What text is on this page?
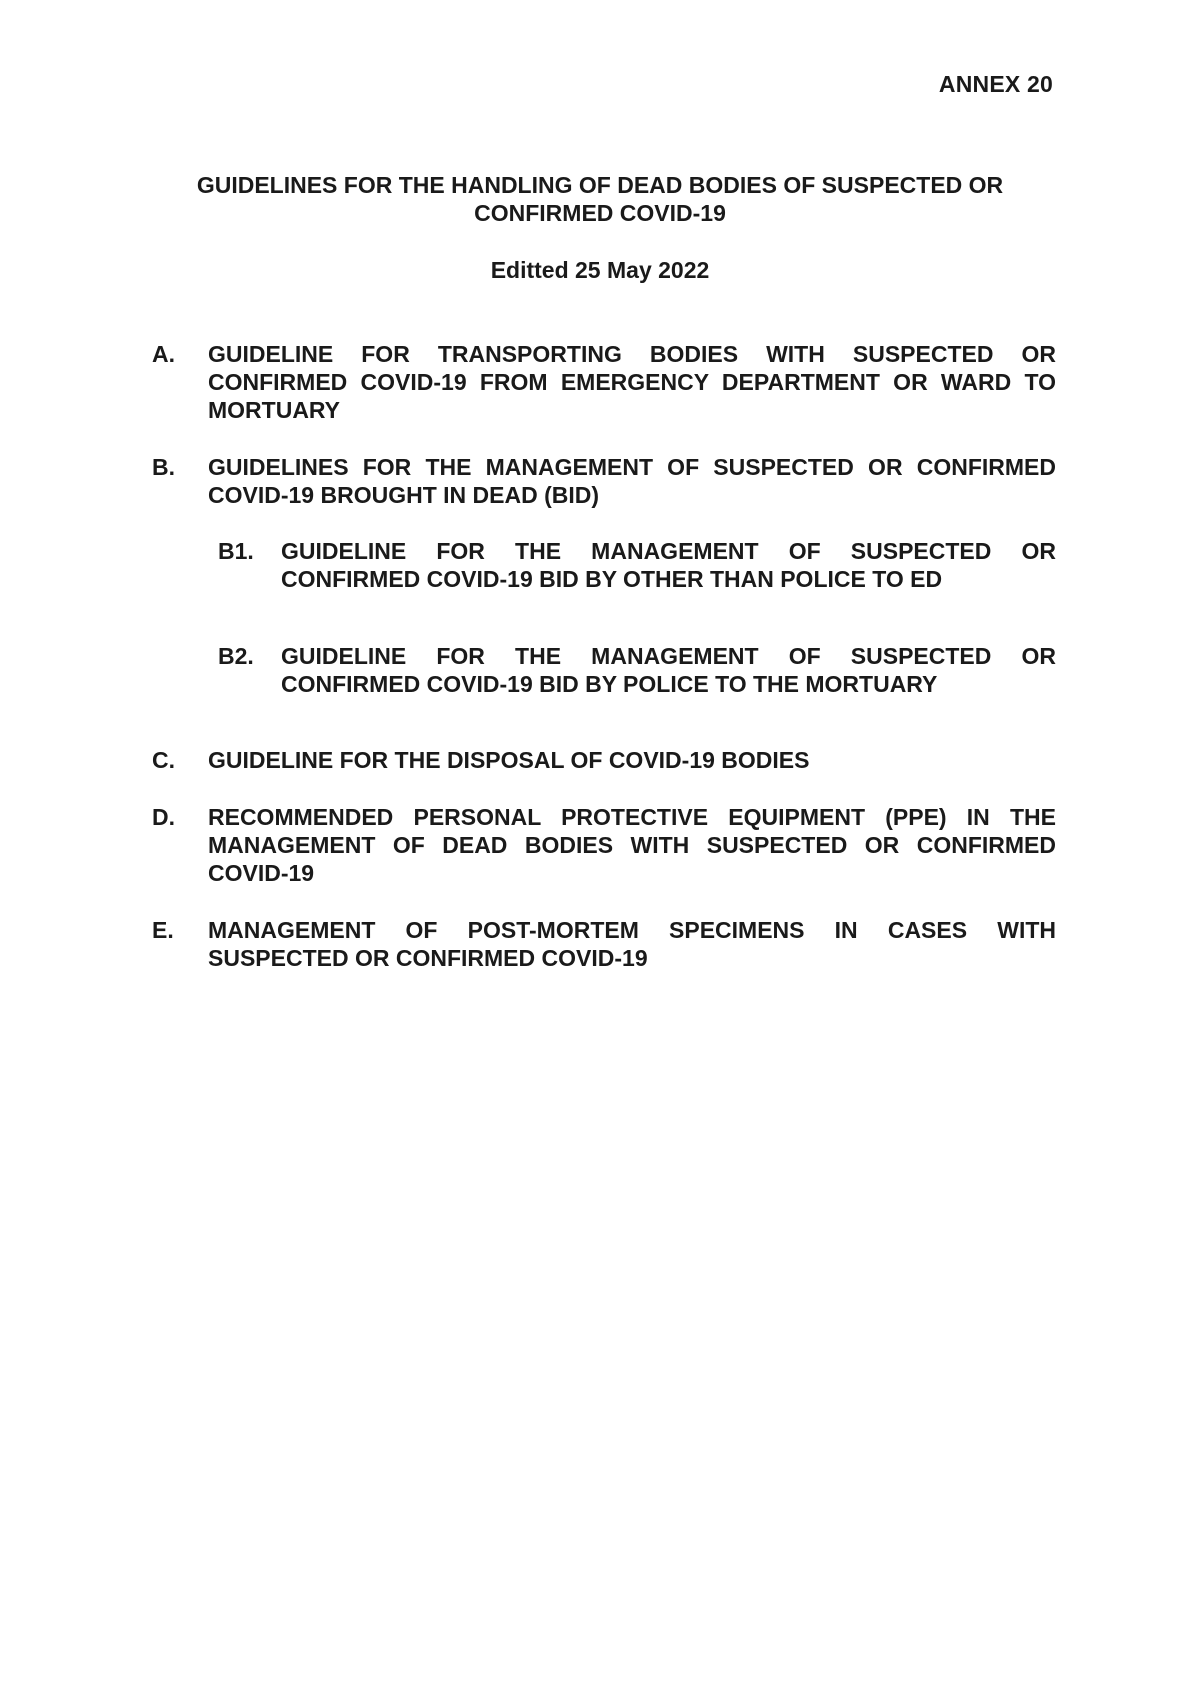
ANNEX 20
GUIDELINES FOR THE HANDLING OF DEAD BODIES OF SUSPECTED OR
CONFIRMED COVID-19
Editted 25 May 2022
A.	GUIDELINE FOR TRANSPORTING BODIES WITH SUSPECTED OR CONFIRMED COVID-19 FROM EMERGENCY DEPARTMENT OR WARD TO MORTUARY
B.	GUIDELINES FOR THE MANAGEMENT OF SUSPECTED OR CONFIRMED COVID-19 BROUGHT IN DEAD (BID)
B1.	GUIDELINE FOR THE MANAGEMENT OF SUSPECTED OR CONFIRMED COVID-19 BID BY OTHER THAN POLICE TO ED
B2.	GUIDELINE FOR THE MANAGEMENT OF SUSPECTED OR CONFIRMED COVID-19 BID BY POLICE TO THE MORTUARY
C.	GUIDELINE FOR THE DISPOSAL OF COVID-19 BODIES
D.	RECOMMENDED PERSONAL PROTECTIVE EQUIPMENT (PPE) IN THE MANAGEMENT OF DEAD BODIES WITH SUSPECTED OR CONFIRMED COVID-19
E.	MANAGEMENT OF POST-MORTEM SPECIMENS IN CASES WITH SUSPECTED OR CONFIRMED COVID-19
